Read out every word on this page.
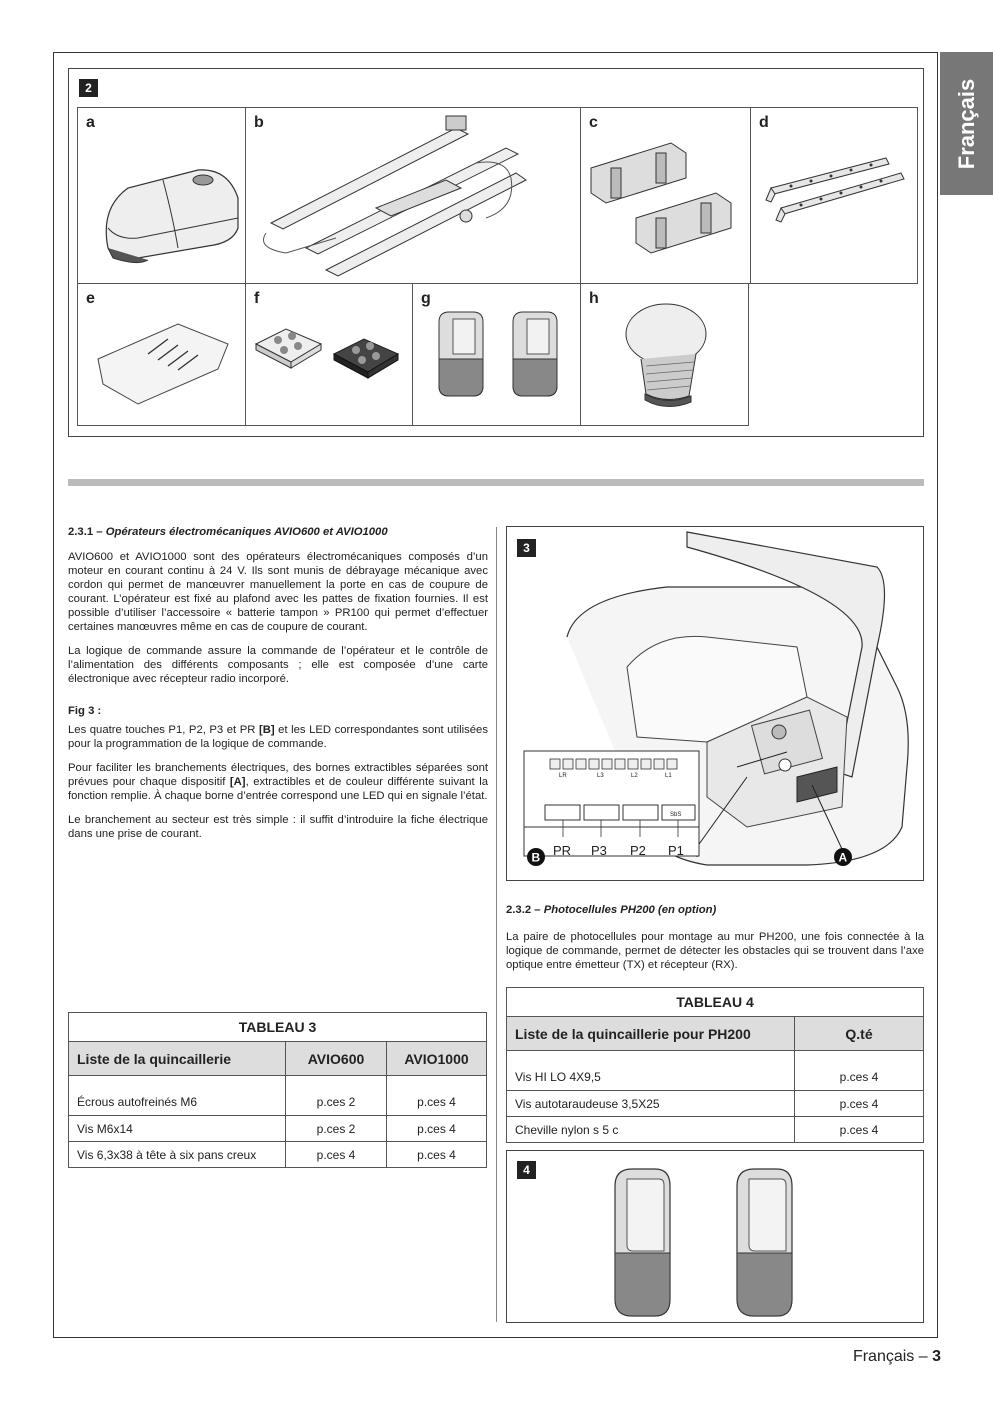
Français
2
a	b	c	d
e	f	g	h
2.3.1 – Opérateurs électromécaniques AVIO600 et AVIO1000

AVIO600 et AVIO1000 sont des opérateurs électromécaniques composés d’un moteur en courant continu à 24 V. Ils sont munis de débrayage mécanique avec cordon qui permet de manœuvrer manuellement la porte en cas de coupure de courant. L’opérateur est fixé au plafond avec les pattes de fixation fournies. Il est possible d’utiliser l’accessoire « batterie tampon » PR100 qui permet d’effectuer certaines manœuvres même en cas de coupure de courant.

La logique de commande assure la commande de l’opérateur et le contrôle de l’alimentation des différents composants ; elle est composée d’une carte électronique avec récepteur radio incorporé.

Fig 3 :

Les quatre touches P1, P2, P3 et PR [B] et les LED correspondantes sont utilisées pour la programmation de la logique de commande.

Pour faciliter les branchements électriques, des bornes extractibles séparées sont prévues pour chaque dispositif [A], extractibles et de couleur différente suivant la fonction remplie. À chaque borne d’entrée correspond une LED qui en signale l’état.

Le branchement au secteur est très simple : il suffit d’introduire la fiche électrique dans une prise de courant.

3
LR	L3	L2	L1
SbS
PR P3 P2 P1
B	A
2.3.2 – Photocellules PH200 (en option)

La paire de photocellules pour montage au mur PH200, une fois connectée à la logique de commande, permet de détecter les obstacles qui se trouvent dans l’axe optique entre émetteur (TX) et récepteur (RX).

TABLEAU 4	
Liste de la quincaillerie pour PH200	Q.té
Vis HI LO 4X9,5	p.ces 4
Vis autotaraudeuse 3,5X25	p.ces 4
Cheville nylon s 5 c	p.ces 4
TABLEAU 3		
Liste de la quincaillerie	AVIO600	AVIO1000
Écrous autofreinés M6	p.ces 2	p.ces 4
Vis M6x14	p.ces 2	p.ces 4
Vis 6,3x38 à tête à six pans creux	p.ces 4	p.ces 4
4
Français – 3
